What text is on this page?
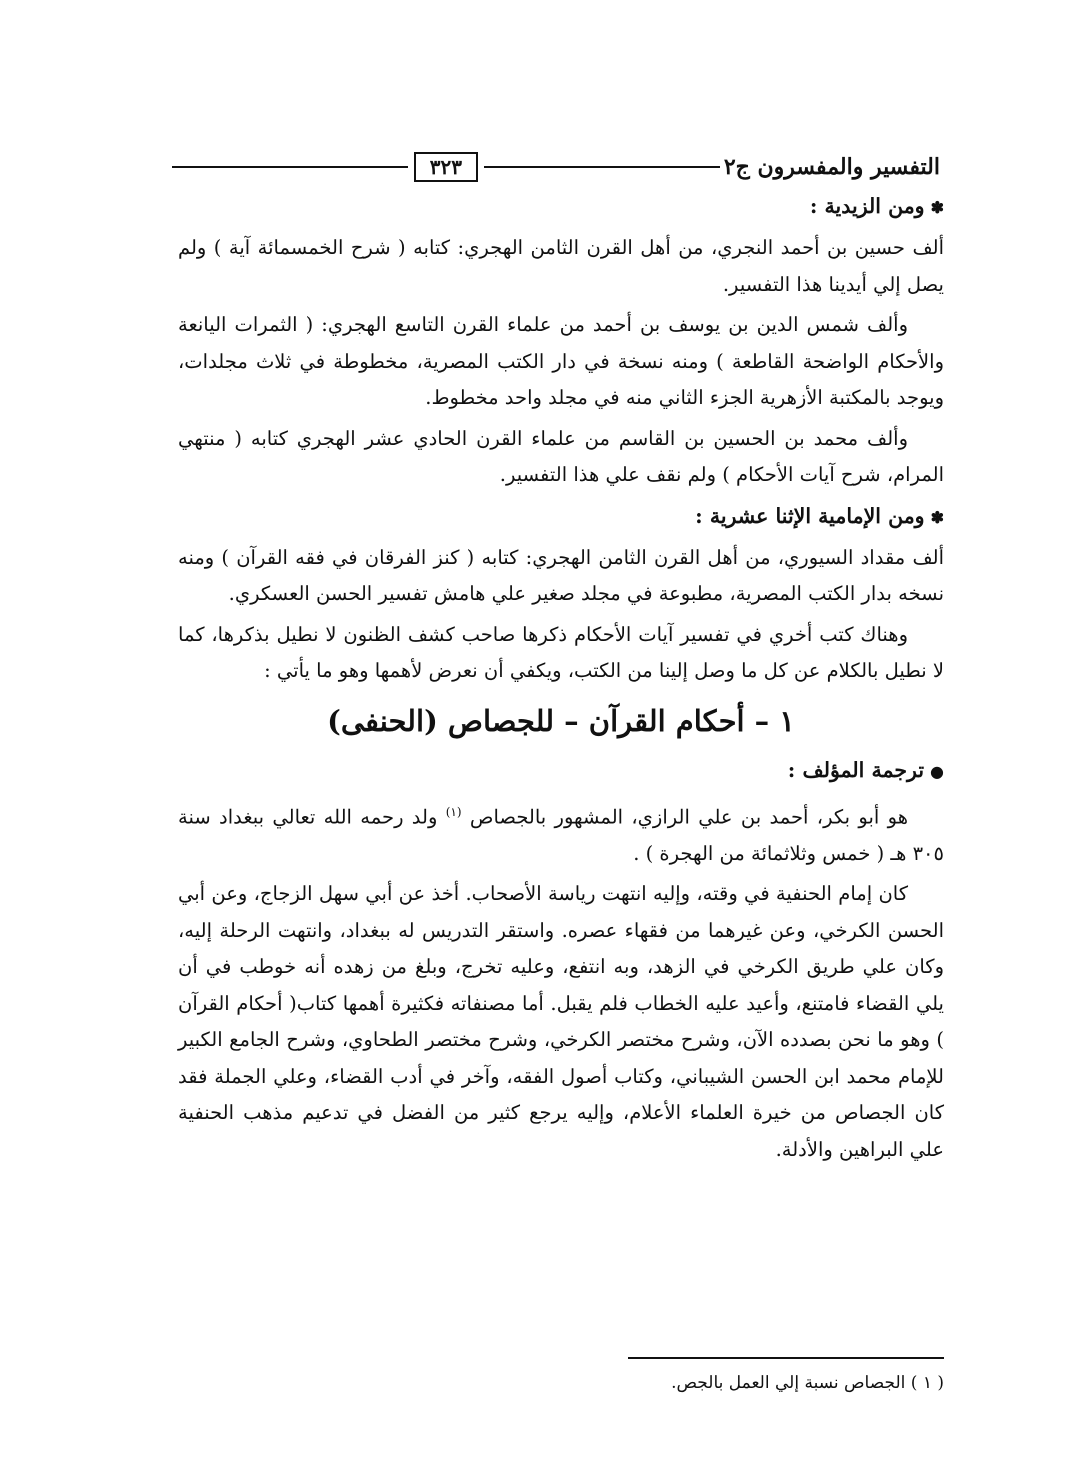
التفسير والمفسرون ج٢
٣٢٣

✽ومن الزيدية :

ألف حسين بن أحمد النجري، من أهل القرن الثامن الهجري: كتابه ( شرح الخمسمائة آية ) ولم يصل إلي أيدينا هذا التفسير.

وألف شمس الدين بن يوسف بن أحمد من علماء القرن التاسع الهجري: ( الثمرات اليانعة والأحكام الواضحة القاطعة ) ومنه نسخة في دار الكتب المصرية، مخطوطة في ثلاث مجلدات، ويوجد بالمكتبة الأزهرية الجزء الثاني منه في مجلد واحد مخطوط.

وألف محمد بن الحسين بن القاسم من علماء القرن الحادي عشر الهجري كتابه ( منتهي المرام، شرح آيات الأحكام ) ولم نقف علي هذا التفسير.

✽ومن الإمامية الإثنا عشرية :

ألف مقداد السيوري، من أهل القرن الثامن الهجري: كتابه ( كنز الفرقان في فقه القرآن ) ومنه نسخه بدار الكتب المصرية، مطبوعة في مجلد صغير علي هامش تفسير الحسن العسكري.

وهناك كتب أخري في تفسير آيات الأحكام ذكرها صاحب كشف الظنون لا نطيل بذكرها، كما لا نطيل بالكلام عن كل ما وصل إلينا من الكتب، ويكفي أن نعرض لأهمها وهو ما يأتي :

١ – أحكام القرآن – للجصاص (الحنفى)

●ترجمة المؤلف :

هو أبو بكر، أحمد بن علي الرازي، المشهور بالجصاص $^{(١)}$ ولد رحمه الله تعالي ببغداد سنة ٣٠٥ هـ ( خمس وثلاثمائة من الهجرة ) .

كان إمام الحنفية في وقته، وإليه انتهت رياسة الأصحاب. أخذ عن أبي سهل الزجاج، وعن أبي الحسن الكرخي، وعن غيرهما من فقهاء عصره. واستقر التدريس له ببغداد، وانتهت الرحلة إليه، وكان علي طريق الكرخي في الزهد، وبه انتفع، وعليه تخرج، وبلغ من زهده أنه خوطب في أن يلي القضاء فامتنع، وأعيد عليه الخطاب فلم يقبل. أما مصنفاته فكثيرة أهمها كتاب( أحكام القرآن ) وهو ما نحن بصدده الآن، وشرح مختصر الكرخي، وشرح مختصر الطحاوي، وشرح الجامع الكبير للإمام محمد ابن الحسن الشيباني، وكتاب أصول الفقه، وآخر في أدب القضاء، وعلي الجملة فقد كان الجصاص من خيرة العلماء الأعلام، وإليه يرجع كثير من الفضل في تدعيم مذهب الحنفية علي البراهين والأدلة.

( ١ ) الجصاص نسبة إلي العمل بالجص.
